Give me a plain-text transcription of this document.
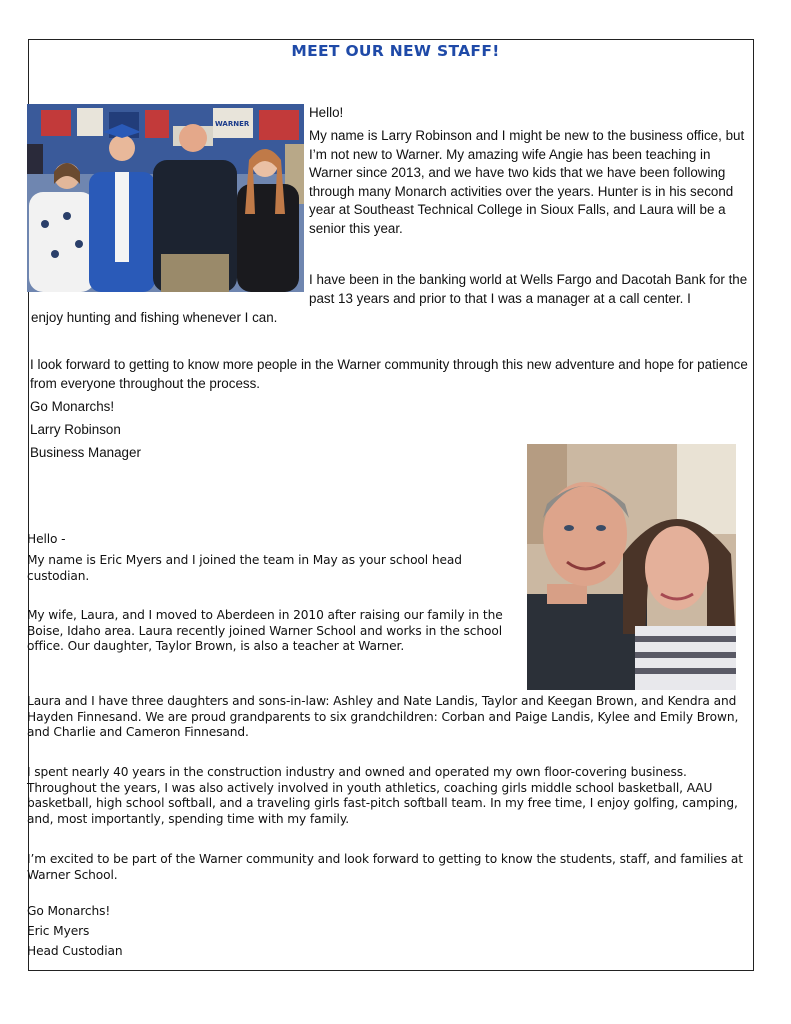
MEET OUR NEW STAFF!
WARNER

Hello!

My name is Larry Robinson and I might be new to the business office, but I’m not new to Warner. My amazing wife Angie has been teaching in Warner since 2013, and we have two kids that we have been following through many Monarch activities over the years. Hunter is in his second year at Southeast Technical College in Sioux Falls, and Laura will be a senior this year.

I have been in the banking world at Wells Fargo and Dacotah Bank for the past 13 years and prior to that I was a manager at a call center. I

enjoy hunting and fishing whenever I can.

I look forward to getting to know more people in the Warner community through this new adventure and hope for patience from everyone throughout the process.

Go Monarchs!

Larry Robinson

Business Manager

Hello -

My name is Eric Myers and I joined the team in May as your school head custodian.

My wife, Laura, and I moved to Aberdeen in 2010 after raising our family in the Boise, Idaho area. Laura recently joined Warner School and works in the school office. Our daughter, Taylor Brown, is also a teacher at Warner.

Laura and I have three daughters and sons-in-law: Ashley and Nate Landis, Taylor and Keegan Brown, and Kendra and Hayden Finnesand. We are proud grandparents to six grandchildren: Corban and Paige Landis, Kylee and Emily Brown, and Charlie and Cameron Finnesand.

I spent nearly 40 years in the construction industry and owned and operated my own floor-covering business. Throughout the years, I was also actively involved in youth athletics, coaching girls middle school basketball, AAU basketball, high school softball, and a traveling girls fast-pitch softball team. In my free time, I enjoy golfing, camping, and, most importantly, spending time with my family.

I’m excited to be part of the Warner community and look forward to getting to know the students, staff, and families at Warner School.

Go Monarchs!

Eric Myers

Head Custodian
